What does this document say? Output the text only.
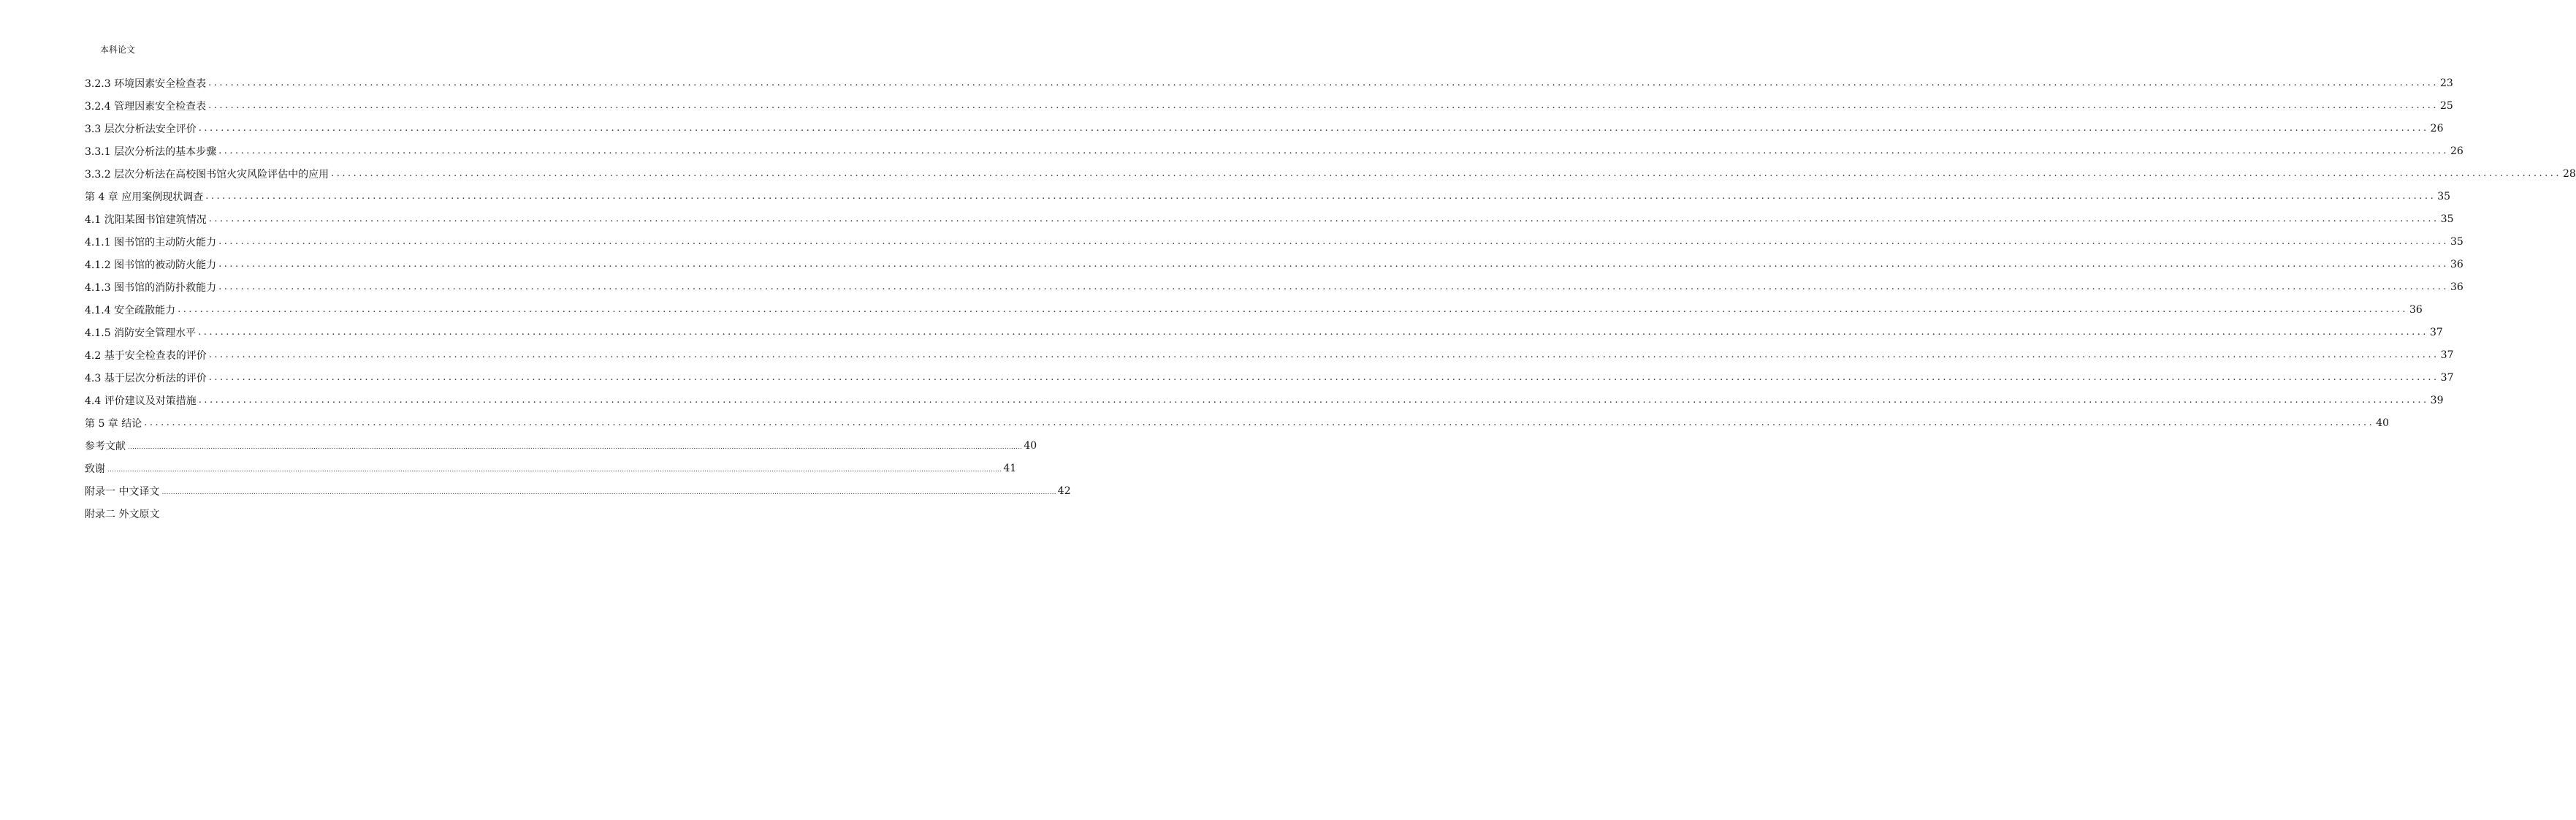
本科论文
3.2.3 环境因素安全检查表 ................................................................................................................................................................................................................................................................................................................................................................................................................ 23
3.2.4 管理因素安全检查表 ................................................................................................................................................................................................................................................................................................................................................................................................................ 25
3.3 层次分析法安全评价 ................................................................................................................................................................................................................................................................................................................................................................................................................ 26
3.3.1 层次分析法的基本步骤 ................................................................................................................................................................................................................................................................................................................................................................................................................ 26
3.3.2 层次分析法在高校图书馆火灾风险评估中的应用 ................................................................................................................................................................................................................................................................................................................................................................................................................ 28
第 4 章 应用案例现状调查 ................................................................................................................................................................................................................................................................................................................................................................................................................ 35
4.1 沈阳某图书馆建筑情况 ................................................................................................................................................................................................................................................................................................................................................................................................................ 35
4.1.1 图书馆的主动防火能力 ................................................................................................................................................................................................................................................................................................................................................................................................................ 35
4.1.2 图书馆的被动防火能力 ................................................................................................................................................................................................................................................................................................................................................................................................................ 36
4.1.3 图书馆的消防扑救能力 ................................................................................................................................................................................................................................................................................................................................................................................................................ 36
4.1.4 安全疏散能力 ................................................................................................................................................................................................................................................................................................................................................................................................................ 36
4.1.5 消防安全管理水平 ................................................................................................................................................................................................................................................................................................................................................................................................................ 37
4.2 基于安全检查表的评价 ................................................................................................................................................................................................................................................................................................................................................................................................................ 37
4.3 基于层次分析法的评价 ................................................................................................................................................................................................................................................................................................................................................................................................................ 37
4.4 评价建议及对策措施 ................................................................................................................................................................................................................................................................................................................................................................................................................ 39
第 5 章 结论 ................................................................................................................................................................................................................................................................................................................................................................................................................ 40
参考文献 ................................................................................................................................................................................................................................................................................................................................................................................................................ 40
致谢 ................................................................................................................................................................................................................................................................................................................................................................................................................ 41
附录一 中文译文 ................................................................................................................................................................................................................................................................................................................................................................................................................ 42
附录二 外文原文
